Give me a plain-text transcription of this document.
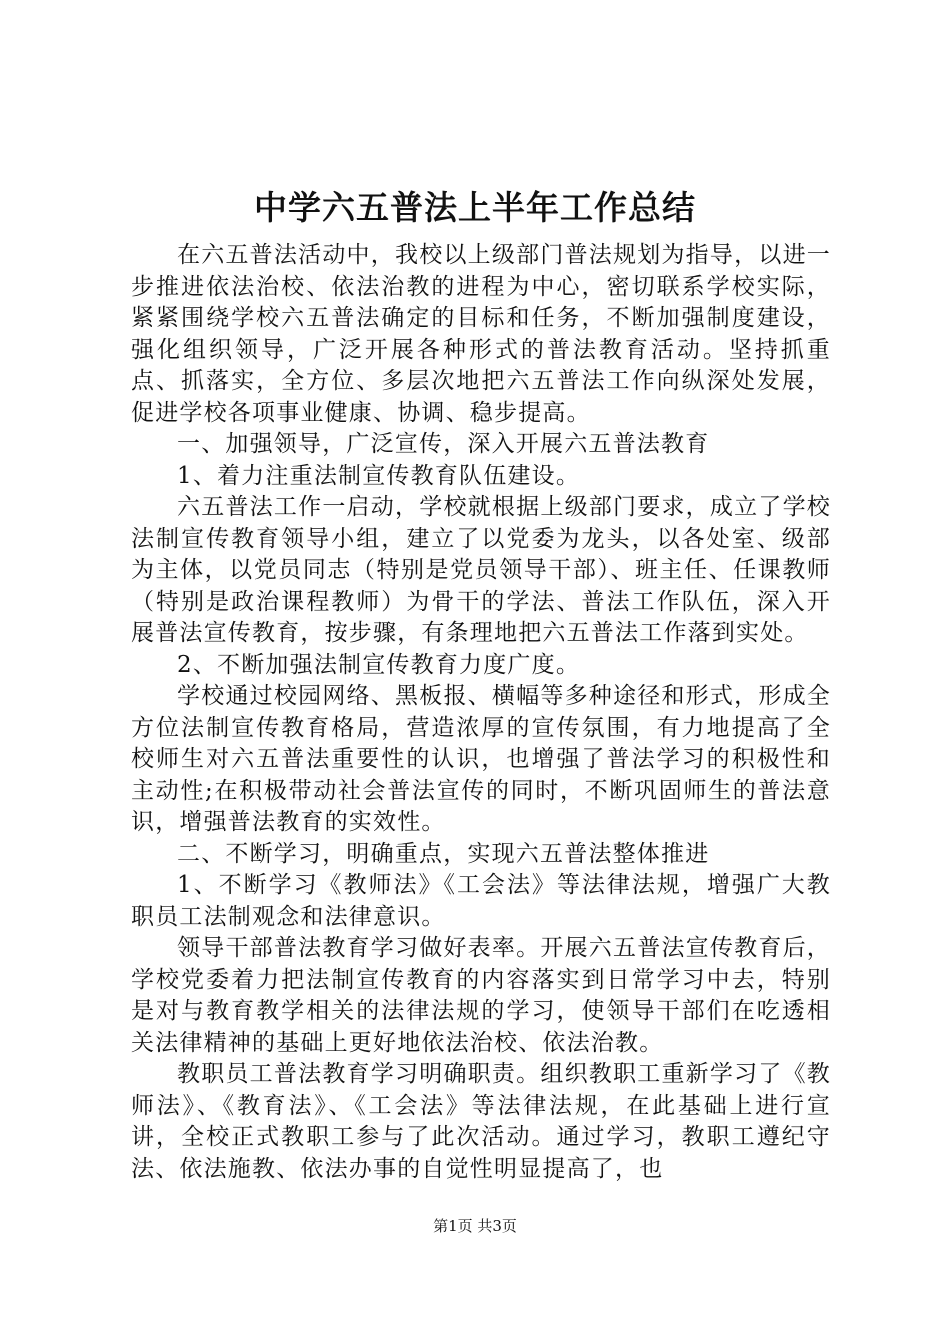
中学六五普法上半年工作总结

在六五普法活动中，我校以上级部门普法规划为指导，以进一步推进依法治校、依法治教的进程为中心，密切联系学校实际，紧紧围绕学校六五普法确定的目标和任务，不断加强制度建设，强化组织领导，广泛开展各种形式的普法教育活动。坚持抓重点、抓落实，全方位、多层次地把六五普法工作向纵深处发展，促进学校各项事业健康、协调、稳步提高。

一、加强领导，广泛宣传，深入开展六五普法教育

1、着力注重法制宣传教育队伍建设。

六五普法工作一启动，学校就根据上级部门要求，成立了学校法制宣传教育领导小组，建立了以党委为龙头，以各处室、级部为主体，以党员同志（特别是党员领导干部）、班主任、任课教师（特别是政治课程教师）为骨干的学法、普法工作队伍，深入开展普法宣传教育，按步骤，有条理地把六五普法工作落到实处。

2、不断加强法制宣传教育力度广度。

学校通过校园网络、黑板报、横幅等多种途径和形式，形成全方位法制宣传教育格局，营造浓厚的宣传氛围，有力地提高了全校师生对六五普法重要性的认识，也增强了普法学习的积极性和主动性;在积极带动社会普法宣传的同时，不断巩固师生的普法意识，增强普法教育的实效性。

二、不断学习，明确重点，实现六五普法整体推进

1、不断学习《教师法》《工会法》等法律法规，增强广大教职员工法制观念和法律意识。

领导干部普法教育学习做好表率。开展六五普法宣传教育后，学校党委着力把法制宣传教育的内容落实到日常学习中去，特别是对与教育教学相关的法律法规的学习，使领导干部们在吃透相关法律精神的基础上更好地依法治校、依法治教。

教职员工普法教育学习明确职责。组织教职工重新学习了《教师法》、《教育法》、《工会法》等法律法规，在此基础上进行宣讲，全校正式教职工参与了此次活动。通过学习，教职工遵纪守法、依法施教、依法办事的自觉性明显提高了，也

第1页 共3页
